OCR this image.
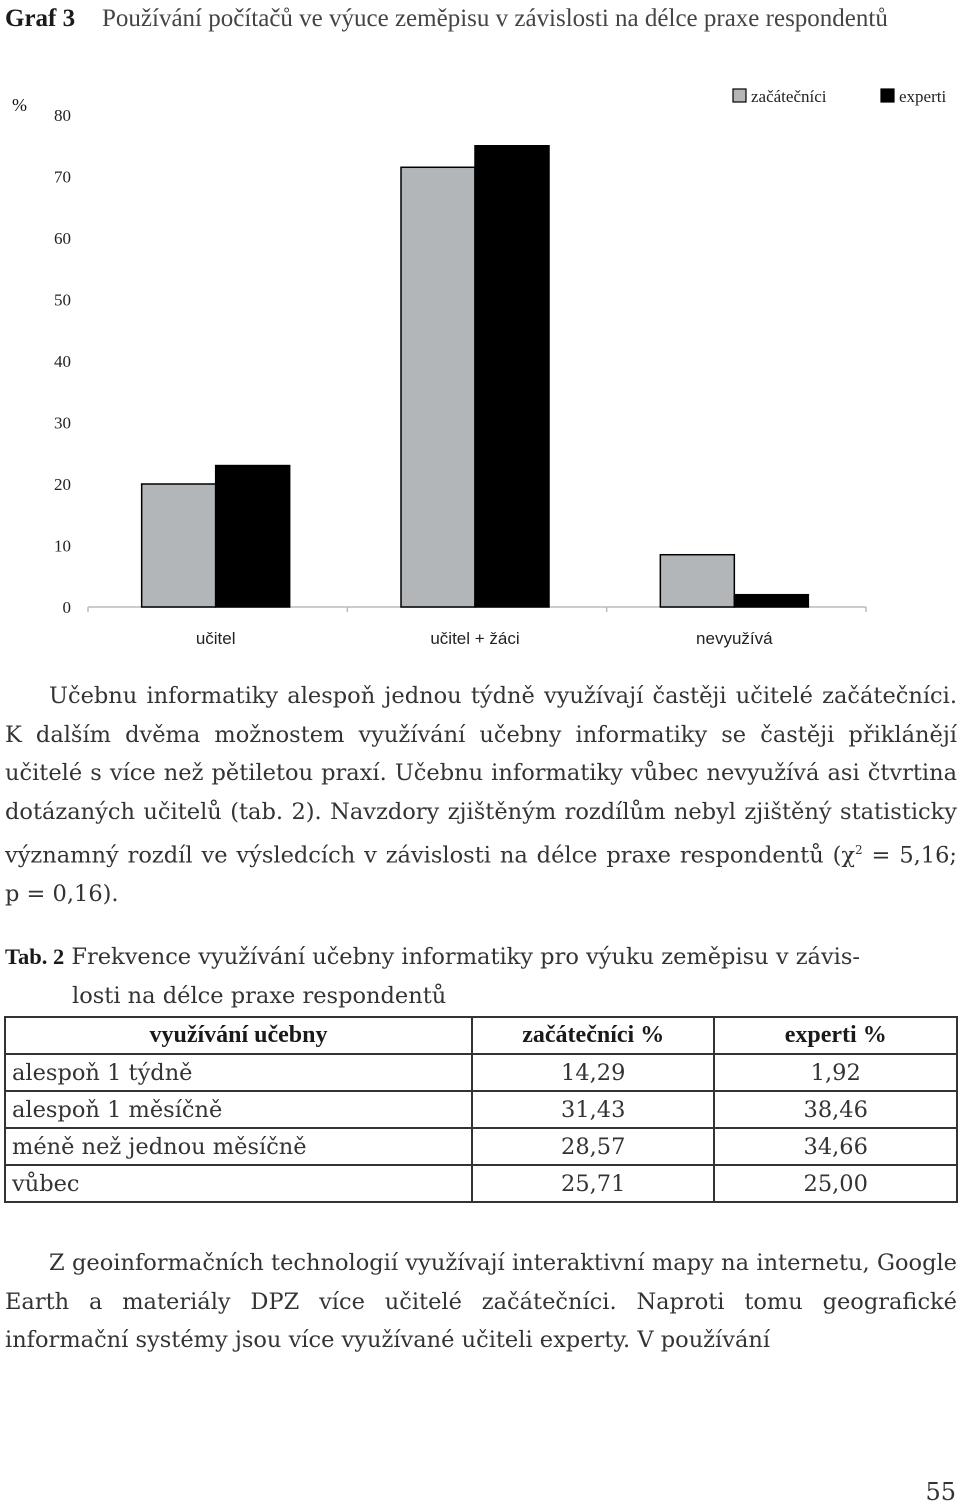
Graf 3 Používání počítačů ve výuce zeměpisu v závislosti na délce praxe respondentů
%
80
70
60
50
40
30
20
10
0
učitel	učitel + žáci	nevyužívá
začátečníci	experti
Učebnu informatiky alespoň jednou týdně využívají častěji učitelé začátečníci. K dalším dvěma možnostem využívání učebny informatiky se častěji přiklánějí učitelé s více než pětiletou praxí. Učebnu informatiky vůbec nevyužívá asi čtvrtina dotázaných učitelů (tab. 2). Navzdory zjištěným rozdílům nebyl zjištěný statisticky významný rozdíl ve výsledcích v závislosti na délce praxe respondentů ($\chi^2 = 5,16$; p = 0,16).
Tab. 2 Frekvence využívání učebny informatiky pro výuku zeměpisu v závis-
losti na délce praxe respondentů
využívání učebny	začátečníci %	experti %
alespoň 1 týdně	14,29	1,92
alespoň 1 měsíčně	31,43	38,46
méně než jednou měsíčně	28,57	34,66
vůbec	25,71	25,00
Z geoinformačních technologií využívají interaktivní mapy na internetu, Google Earth a materiály DPZ více učitelé začátečníci. Naproti tomu geografické informační systémy jsou více využívané učiteli experty. V používání
55
